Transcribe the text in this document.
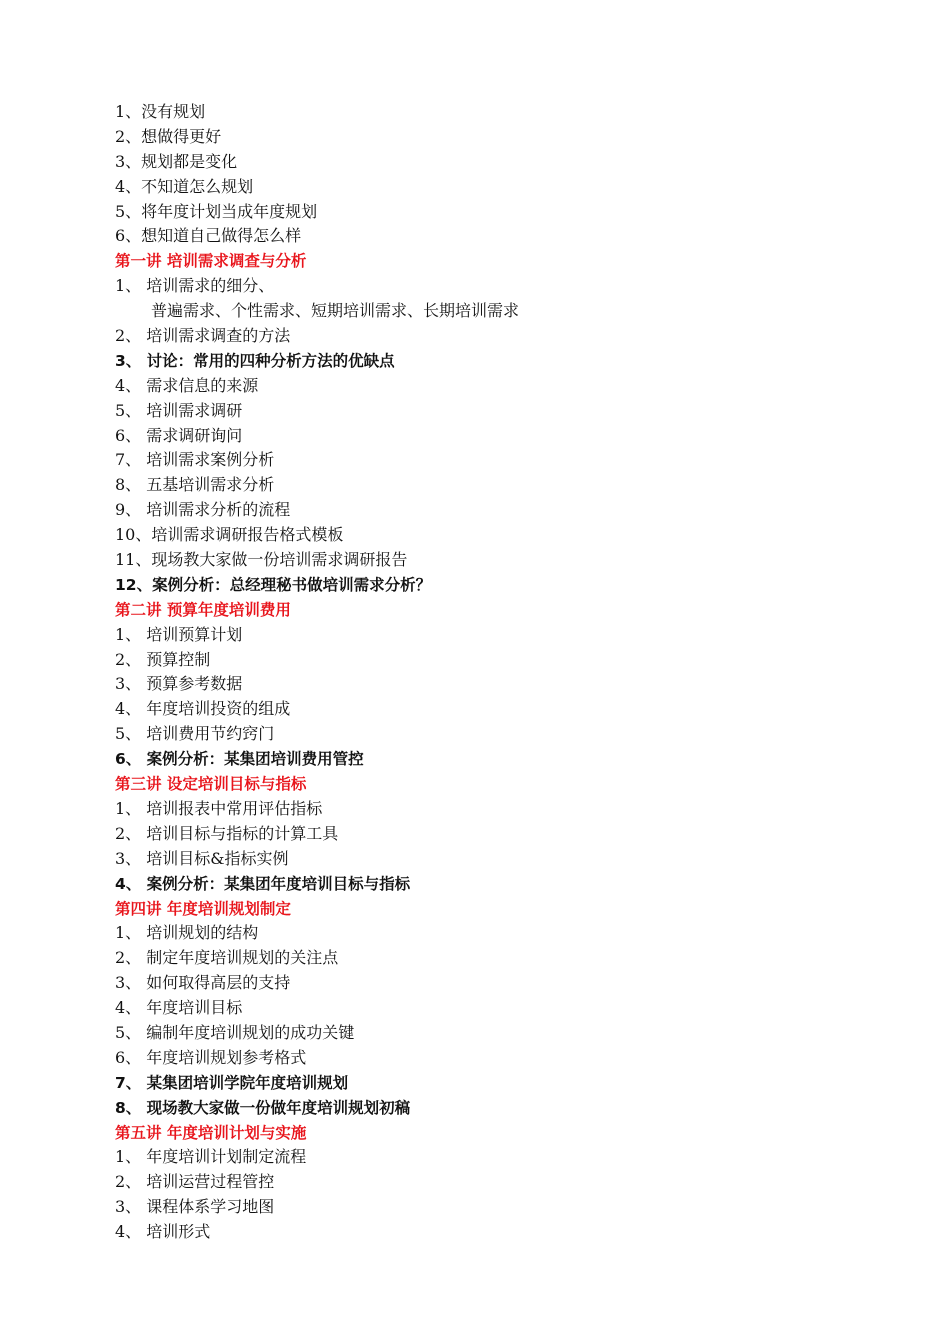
1、没有规划
2、想做得更好
3、规划都是变化
4、不知道怎么规划
5、将年度计划当成年度规划
6、想知道自己做得怎么样
第一讲 培训需求调查与分析
1、 培训需求的细分、
普遍需求、个性需求、短期培训需求、长期培训需求
2、 培训需求调查的方法
3、 讨论：常用的四种分析方法的优缺点
4、 需求信息的来源
5、 培训需求调研
6、 需求调研询问
7、 培训需求案例分析
8、 五基培训需求分析
9、 培训需求分析的流程
10、培训需求调研报告格式模板
11、现场教大家做一份培训需求调研报告
12、案例分析：总经理秘书做培训需求分析？
第二讲 预算年度培训费用
1、 培训预算计划
2、 预算控制
3、 预算参考数据
4、 年度培训投资的组成
5、 培训费用节约窍门
6、 案例分析：某集团培训费用管控
第三讲 设定培训目标与指标
1、 培训报表中常用评估指标
2、 培训目标与指标的计算工具
3、 培训目标&指标实例
4、 案例分析：某集团年度培训目标与指标
第四讲 年度培训规划制定
1、 培训规划的结构
2、 制定年度培训规划的关注点
3、 如何取得高层的支持
4、 年度培训目标
5、 编制年度培训规划的成功关键
6、 年度培训规划参考格式
7、 某集团培训学院年度培训规划
8、 现场教大家做一份做年度培训规划初稿
第五讲 年度培训计划与实施
1、 年度培训计划制定流程
2、 培训运营过程管控
3、 课程体系学习地图
4、 培训形式
